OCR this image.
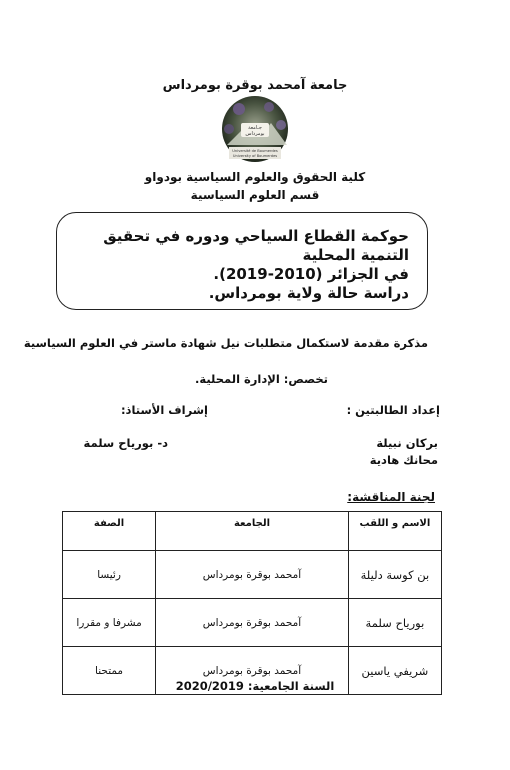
جامعة آمحمد بوقرة بومرداس
جـامعة
بومرداس
Université de Boumerdes
University of Boumerdes
كلية الحقوق والعلوم السياسية بودواو
قسم العلوم السياسية
حوكمة القطاع السياحي ودوره في تحقيق التنمية المحلية
في الجزائر (2010-2019).
دراسة حالة ولاية بومرداس.
مذكرة مقدمة لاستكمال متطلبات نيل شهادة ماستر في العلوم السياسية
تخصص: الإدارة المحلية.
إعداد الطالبتين :
إشراف الأستاذ:
بركان نبيلة
د- بورياح سلمة
محانك هادية
لجنة المناقشة:
الاسم و اللقب	الجامعة	الصفة
بن كوسة دليلة	آمحمد بوقرة بومرداس	رئيسا
بورياح سلمة	آمحمد بوقرة بومرداس	مشرفا و مقررا
شريفي ياسين	آمحمد بوقرة بومرداس	ممتحنا
السنة الجامعية: 2020/2019
